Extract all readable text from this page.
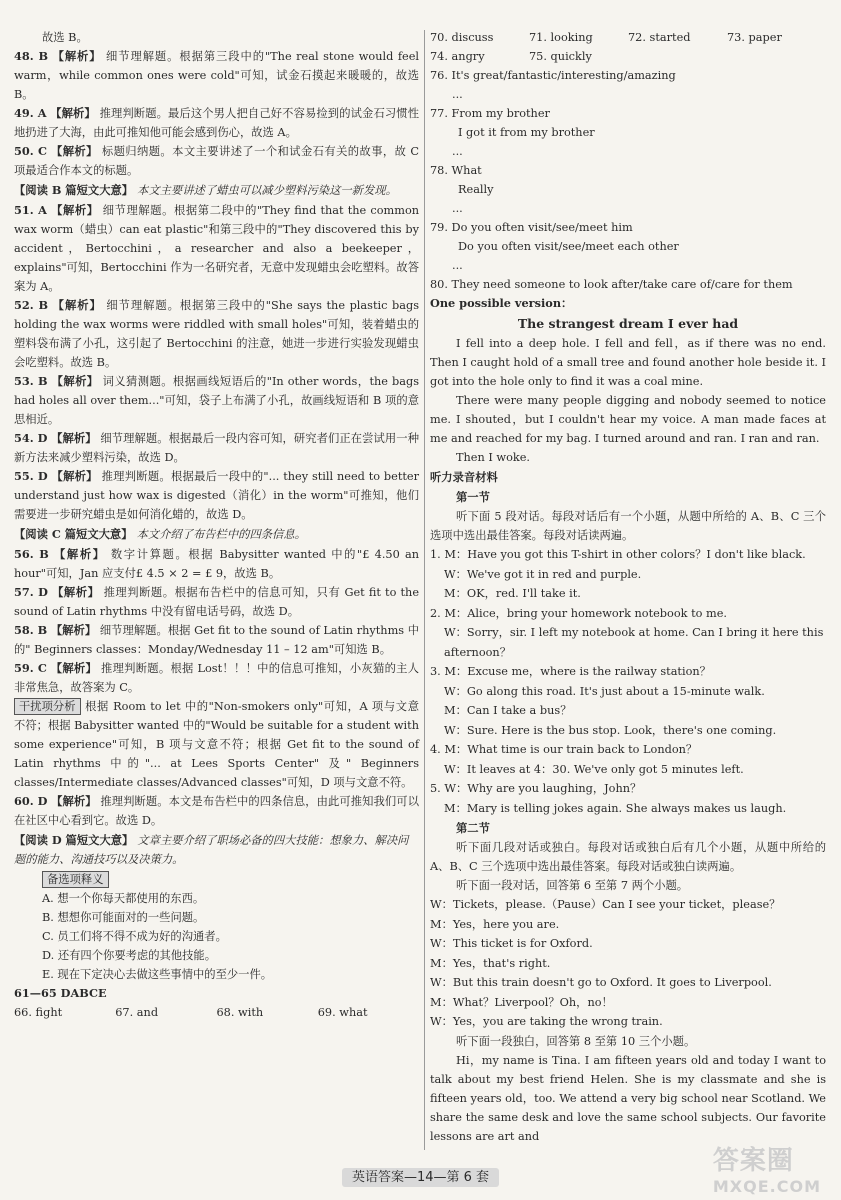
故选 B。

48. B 【解析】 细节理解题。根据第三段中的"The real stone would feel warm，while common ones were cold"可知，试金石摸起来暖暖的，故选 B。

49. A 【解析】 推理判断题。最后这个男人把自己好不容易捡到的试金石习惯性地扔进了大海，由此可推知他可能会感到伤心，故选 A。

50. C 【解析】 标题归纳题。本文主要讲述了一个和试金石有关的故事，故 C 项最适合作本文的标题。

【阅读 B 篇短文大意】 本文主要讲述了蜡虫可以减少塑料污染这一新发现。

51. A 【解析】 细节理解题。根据第二段中的"They find that the common wax worm（蜡虫）can eat plastic"和第三段中的"They discovered this by accident，Bertocchini，a researcher and also a beekeeper，explains"可知，Bertocchini 作为一名研究者，无意中发现蜡虫会吃塑料。故答案为 A。

52. B 【解析】 细节理解题。根据第三段中的"She says the plastic bags holding the wax worms were riddled with small holes"可知，装着蜡虫的塑料袋布满了小孔，这引起了 Bertocchini 的注意，她进一步进行实验发现蜡虫会吃塑料。故选 B。

53. B 【解析】 词义猜测题。根据画线短语后的"In other words，the bags had holes all over them..."可知，袋子上布满了小孔，故画线短语和 B 项的意思相近。

54. D 【解析】 细节理解题。根据最后一段内容可知，研究者们正在尝试用一种新方法来减少塑料污染，故选 D。

55. D 【解析】 推理判断题。根据最后一段中的"... they still need to better understand just how wax is digested（消化）in the worm"可推知，他们需要进一步研究蜡虫是如何消化蜡的，故选 D。

【阅读 C 篇短文大意】 本文介绍了布告栏中的四条信息。

56. B 【解析】 数字计算题。根据 Babysitter wanted 中的"£ 4.50 an hour"可知，Jan 应支付£ 4.5 × 2 = £ 9，故选 B。

57. D 【解析】 推理判断题。根据布告栏中的信息可知，只有 Get fit to the sound of Latin rhythms 中没有留电话号码，故选 D。

58. B 【解析】 细节理解题。根据 Get fit to the sound of Latin rhythms 中的" Beginners classes：Monday/Wednesday 11 – 12 am"可知选 B。

59. C 【解析】 推理判断题。根据 Lost！！！中的信息可推知，小灰猫的主人非常焦急，故答案为 C。

干扰项分析 根据 Room to let 中的"Non-smokers only"可知，A 项与文意不符；根据 Babysitter wanted 中的"Would be suitable for a student with some experience"可知，B 项与文意不符；根据 Get fit to the sound of Latin rhythms 中的"... at Lees Sports Center" 及" Beginners classes/Intermediate classes/Advanced classes"可知，D 项与文意不符。

60. D 【解析】 推理判断题。本文是布告栏中的四条信息，由此可推知我们可以在社区中心看到它。故选 D。

【阅读 D 篇短文大意】 文章主要介绍了职场必备的四大技能：想象力、解决问题的能力、沟通技巧以及决策力。

备选项释义

A. 想一个你每天都使用的东西。

B. 想想你可能面对的一些问题。

C. 员工们将不得不成为好的沟通者。

D. 还有四个你要考虑的其他技能。

E. 现在下定决心去做这些事情中的至少一件。

61—65 DABCE

66. fight	67. and	68. with	69. what
70. discuss	71. looking	72. started	73. paper
74. angry	75. quickly

76. It's great/fantastic/interesting/amazing

...

77. From my brother

I got it from my brother

...

78. What

Really

...

79. Do you often visit/see/meet him

Do you often visit/see/meet each other

...

80. They need someone to look after/take care of/care for them

One possible version：

The strangest dream I ever had

I fell into a deep hole. I fell and fell，as if there was no end. Then I caught hold of a small tree and found another hole beside it. I got into the hole only to find it was a coal mine.

There were many people digging and nobody seemed to notice me. I shouted，but I couldn't hear my voice. A man made faces at me and reached for my bag. I turned around and ran. I ran and ran.

Then I woke.

听力录音材料
第一节

听下面 5 段对话。每段对话后有一个小题，从题中所给的 A、B、C 三个选项中选出最佳答案。每段对话读两遍。

1. M：Have you got this T-shirt in other colors？I don't like black.

W：We've got it in red and purple.

M：OK，red. I'll take it.

2. M：Alice，bring your homework notebook to me.

W：Sorry，sir. I left my notebook at home. Can I bring it here this afternoon？

3. M：Excuse me，where is the railway station？

W：Go along this road. It's just about a 15-minute walk.

M：Can I take a bus？

W：Sure. Here is the bus stop. Look，there's one coming.

4. M：What time is our train back to London？

W：It leaves at 4：30. We've only got 5 minutes left.

5. W：Why are you laughing，John？

M：Mary is telling jokes again. She always makes us laugh.

第二节

听下面几段对话或独白。每段对话或独白后有几个小题，从题中所给的 A、B、C 三个选项中选出最佳答案。每段对话或独白读两遍。

听下面一段对话，回答第 6 至第 7 两个小题。

W：Tickets，please.（Pause）Can I see your ticket，please？

M：Yes，here you are.

W：This ticket is for Oxford.

M：Yes，that's right.

W：But this train doesn't go to Oxford. It goes to Liverpool.

M：What？Liverpool？Oh，no！

W：Yes，you are taking the wrong train.

听下面一段独白，回答第 8 至第 10 三个小题。

Hi，my name is Tina. I am fifteen years old and today I want to talk about my best friend Helen. She is my classmate and she is fifteen years old，too. We attend a very big school near Scotland. We share the same desk and love the same school subjects. Our favorite lessons are art and

英语答案—14—第 6 套
答案圈
MXQE.COM
